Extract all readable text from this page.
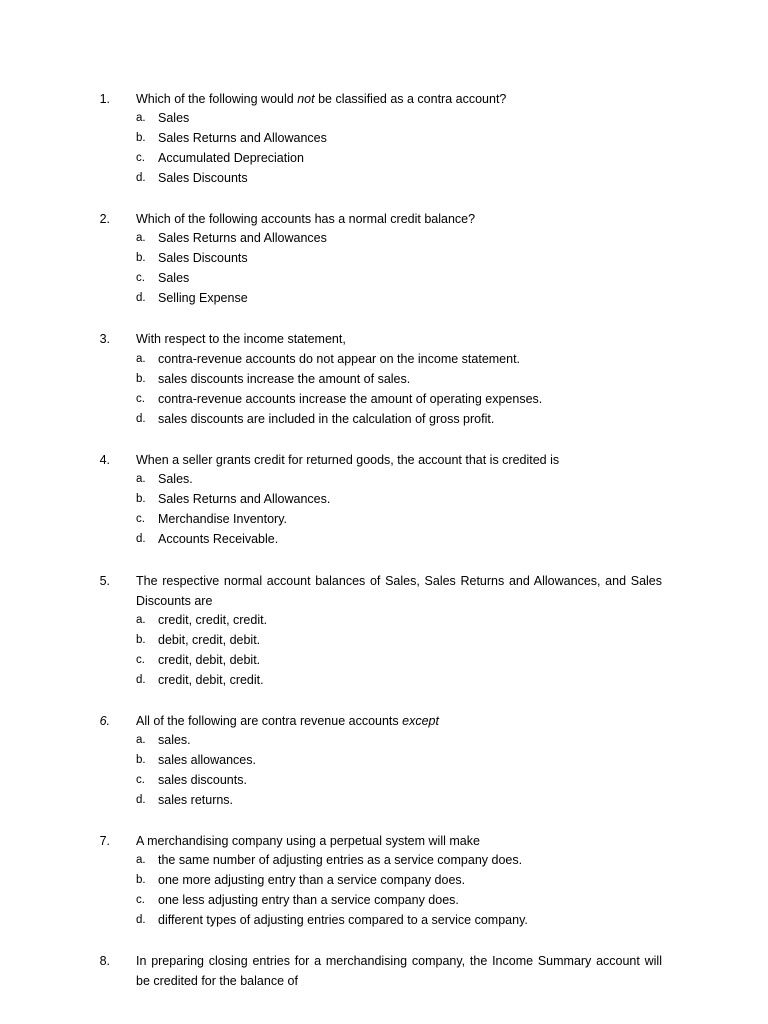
1. Which of the following would not be classified as a contra account?
a. Sales
b. Sales Returns and Allowances
c.	Accumulated Depreciation
d. Sales Discounts
2. Which of the following accounts has a normal credit balance?
a. Sales Returns and Allowances
b. Sales Discounts
c.	Sales
d. Selling Expense
3. With respect to the income statement,
a. contra-revenue accounts do not appear on the income statement.
b. sales discounts increase the amount of sales.
c.	contra-revenue accounts increase the amount of operating expenses.
d. sales discounts are included in the calculation of gross profit.
4. When a seller grants credit for returned goods, the account that is credited is
a. Sales.
b. Sales Returns and Allowances.
c.	Merchandise Inventory.
d. Accounts Receivable.
5. The respective normal account balances of Sales, Sales Returns and Allowances, and Sales Discounts are
a. credit, credit, credit.
b. debit, credit, debit.
c.	credit, debit, debit.
d. credit, debit, credit.
6. All of the following are contra revenue accounts except
a. sales.
b. sales allowances.
c.	sales discounts.
d. sales returns.
7. A merchandising company using a perpetual system will make
a. the same number of adjusting entries as a service company does.
b. one more adjusting entry than a service company does.
c.	one less adjusting entry than a service company does.
d. different types of adjusting entries compared to a service company.
8. In preparing closing entries for a merchandising company, the Income Summary account will be credited for the balance of
